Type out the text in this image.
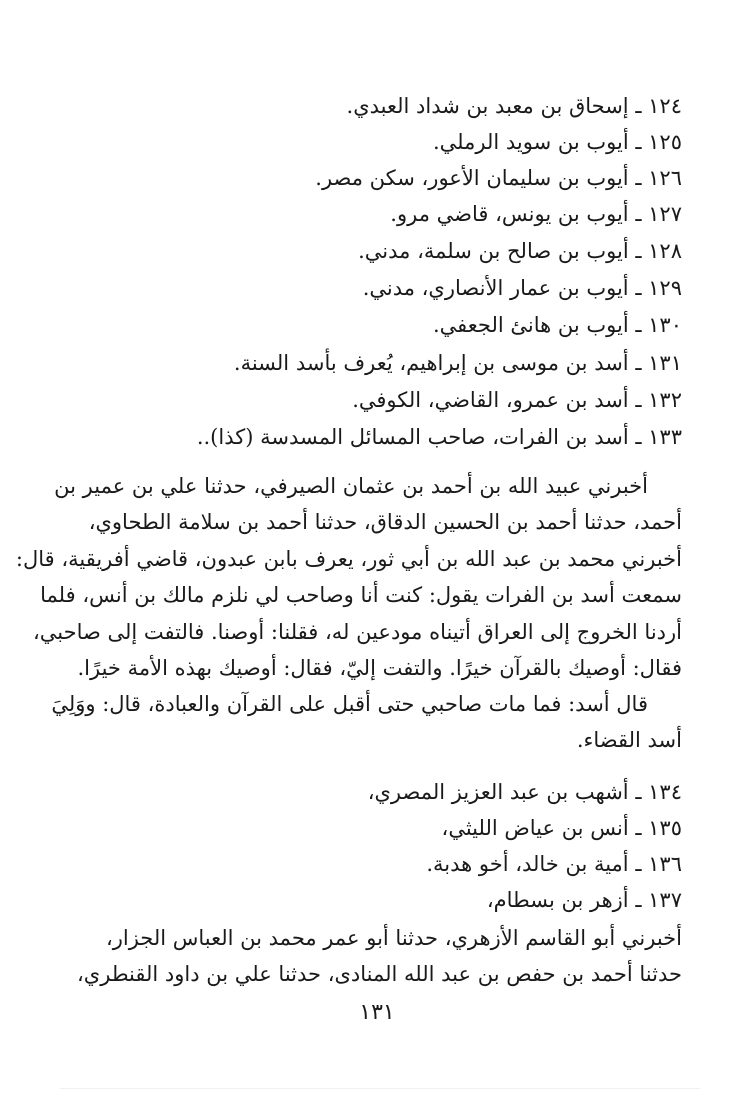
١٢٤ ـ إسحاق بن معبد بن شداد العبدي.
١٢٥ ـ أيوب بن سويد الرملي.
١٢٦ ـ أيوب بن سليمان الأعور، سكن مصر.
١٢٧ ـ أيوب بن يونس، قاضي مرو.
١٢٨ ـ أيوب بن صالح بن سلمة، مدني.
١٢٩ ـ أيوب بن عمار الأنصاري، مدني.
١٣٠ ـ أيوب بن هانئ الجعفي.
١٣١ ـ أسد بن موسى بن إبراهيم، يُعرف بأسد السنة.
١٣٢ ـ أسد بن عمرو، القاضي، الكوفي.
١٣٣ ـ أسد بن الفرات، صاحب المسائل المسدسة (كذا)..

أخبرني عبيد الله بن أحمد بن عثمان الصيرفي، حدثنا علي بن عمير بن

أحمد، حدثنا أحمد بن الحسين الدقاق، حدثنا أحمد بن سلامة الطحاوي،

أخبرني محمد بن عبد الله بن أبي ثور، يعرف بابن عبدون، قاضي أفريقية، قال:

سمعت أسد بن الفرات يقول: كنت أنا وصاحب لي نلزم مالك بن أنس، فلما

أردنا الخروج إلى العراق أتيناه مودعين له، فقلنا: أوصنا. فالتفت إلى صاحبي،

فقال: أوصيك بالقرآن خيرًا. والتفت إليّ، فقال: أوصيك بهذه الأمة خيرًا.

قال أسد: فما مات صاحبي حتى أقبل على القرآن والعبادة، قال: ووَلِيَ

أسد القضاء.

١٣٤ ـ أشهب بن عبد العزيز المصري،
١٣٥ ـ أنس بن عياض الليثي،
١٣٦ ـ أمية بن خالد، أخو هدبة.
١٣٧ ـ أزهر بن بسطام،

أخبرني أبو القاسم الأزهري، حدثنا أبو عمر محمد بن العباس الجزار،

حدثنا أحمد بن حفص بن عبد الله المنادى، حدثنا علي بن داود القنطري،

١٣١
